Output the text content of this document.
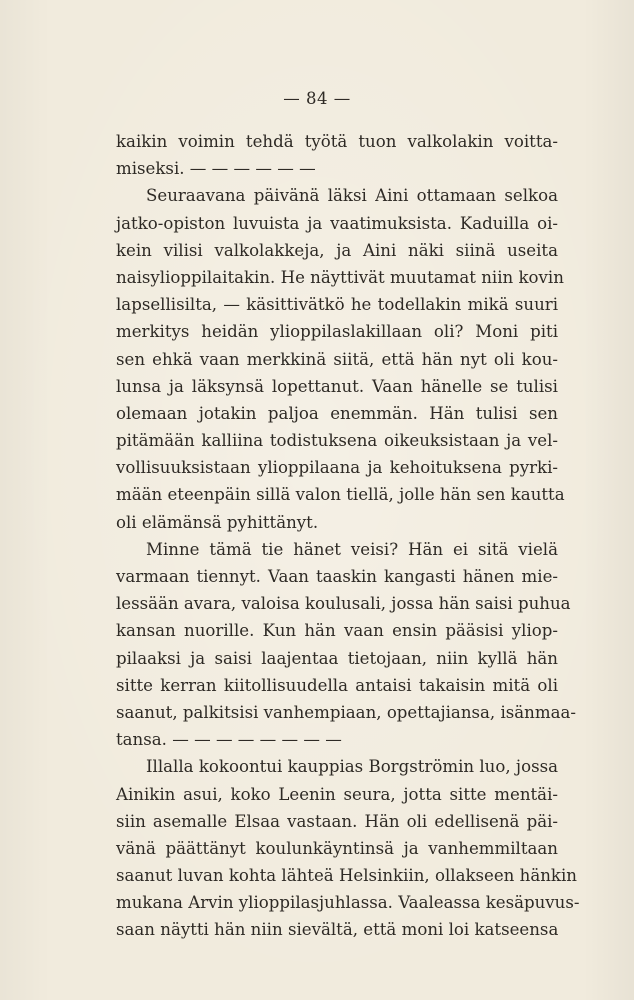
— 84 —
kaikin voimin tehdä työtä tuon valkolakin voitta-
miseksi. — — — — — —
Seuraavana päivänä läksi Aini ottamaan selkoa
jatko-opiston luvuista ja vaatimuksista. Kaduilla oi-
kein vilisi valkolakkeja, ja Aini näki siinä useita
naisylioppilaitakin. He näyttivät muutamat niin kovin
lapsellisilta, — käsittivätkö he todellakin mikä suuri
merkitys heidän ylioppilaslakillaan oli? Moni piti
sen ehkä vaan merkkinä siitä, että hän nyt oli kou-
lunsa ja läksynsä lopettanut. Vaan hänelle se tulisi
olemaan jotakin paljoa enemmän. Hän tulisi sen
pitämään kalliina todistuksena oikeuksistaan ja vel-
vollisuuksistaan ylioppilaana ja kehoituksena pyrki-
mään eteenpäin sillä valon tiellä, jolle hän sen kautta
oli elämänsä pyhittänyt.
Minne tämä tie hänet veisi? Hän ei sitä vielä
varmaan tiennyt. Vaan taaskin kangasti hänen mie-
lessään avara, valoisa koulusali, jossa hän saisi puhua
kansan nuorille. Kun hän vaan ensin pääsisi yliop-
pilaaksi ja saisi laajentaa tietojaan, niin kyllä hän
sitte kerran kiitollisuudella antaisi takaisin mitä oli
saanut, palkitsisi vanhempiaan, opettajiansa, isänmaa-
tansa. — — — — — — — —
Illalla kokoontui kauppias Borgströmin luo, jossa
Ainikin asui, koko Leenin seura, jotta sitte mentäi-
siin asemalle Elsaa vastaan. Hän oli edellisenä päi-
vänä päättänyt koulunkäyntinsä ja vanhemmiltaan
saanut luvan kohta lähteä Helsinkiin, ollakseen hänkin
mukana Arvin ylioppilasjuhlassa. Vaaleassa kesäpuvus-
saan näytti hän niin sievältä, että moni loi katseensa
